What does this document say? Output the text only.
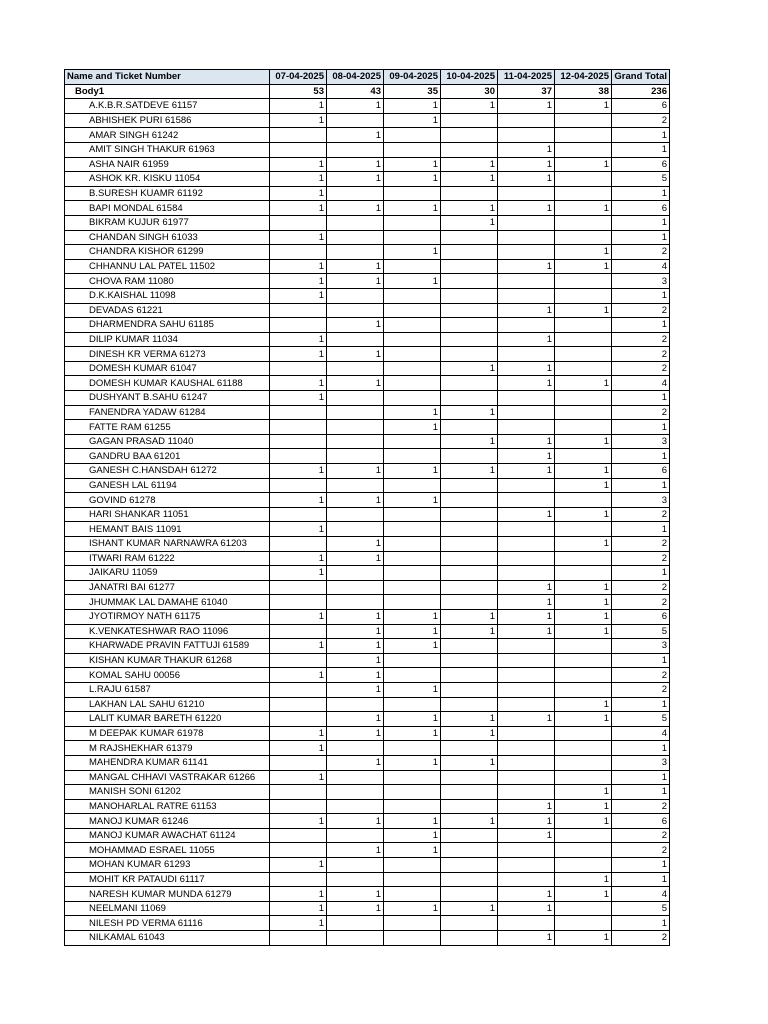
Name and Ticket Number	07-04-2025	08-04-2025	09-04-2025	10-04-2025	11-04-2025	12-04-2025	Grand Total
Body1	53	43	35	30	37	38	236
A.K.B.R.SATDEVE 61157	1	1	1	1	1	1	6
ABHISHEK PURI 61586	1		1				2
AMAR SINGH 61242		1					1
AMIT SINGH THAKUR 61963					1		1
ASHA NAIR 61959	1	1	1	1	1	1	6
ASHOK KR. KISKU 11054	1	1	1	1	1		5
B.SURESH KUAMR 61192	1						1
BAPI MONDAL 61584	1	1	1	1	1	1	6
BIKRAM KUJUR 61977				1			1
CHANDAN SINGH 61033	1						1
CHANDRA KISHOR 61299			1			1	2
CHHANNU LAL PATEL 11502	1	1			1	1	4
CHOVA RAM 11080	1	1	1				3
D.K.KAISHAL 11098	1						1
DEVADAS 61221					1	1	2
DHARMENDRA SAHU 61185		1					1
DILIP KUMAR 11034	1				1		2
DINESH KR VERMA 61273	1	1					2
DOMESH KUMAR 61047				1	1		2
DOMESH KUMAR KAUSHAL 61188	1	1			1	1	4
DUSHYANT B.SAHU 61247	1						1
FANENDRA YADAW 61284			1	1			2
FATTE RAM 61255			1				1
GAGAN PRASAD 11040				1	1	1	3
GANDRU BAA 61201					1		1
GANESH C.HANSDAH 61272	1	1	1	1	1	1	6
GANESH LAL 61194						1	1
GOVIND 61278	1	1	1				3
HARI SHANKAR 11051					1	1	2
HEMANT BAIS 11091	1						1
ISHANT KUMAR NARNAWRA 61203		1				1	2
ITWARI RAM 61222	1	1					2
JAIKARU 11059	1						1
JANATRI BAI 61277					1	1	2
JHUMMAK LAL DAMAHE 61040					1	1	2
JYOTIRMOY NATH 61175	1	1	1	1	1	1	6
K.VENKATESHWAR RAO 11096		1	1	1	1	1	5
KHARWADE PRAVIN FATTUJI 61589	1	1	1				3
KISHAN KUMAR THAKUR 61268		1					1
KOMAL SAHU 00056	1	1					2
L.RAJU 61587		1	1				2
LAKHAN LAL SAHU 61210						1	1
LALIT KUMAR BARETH 61220		1	1	1	1	1	5
M DEEPAK KUMAR 61978	1	1	1	1			4
M RAJSHEKHAR 61379	1						1
MAHENDRA KUMAR 61141		1	1	1			3
MANGAL CHHAVI VASTRAKAR 61266	1						1
MANISH SONI 61202						1	1
MANOHARLAL RATRE 61153					1	1	2
MANOJ KUMAR 61246	1	1	1	1	1	1	6
MANOJ KUMAR AWACHAT 61124			1		1		2
MOHAMMAD ESRAEL 11055		1	1				2
MOHAN KUMAR 61293	1						1
MOHIT KR PATAUDI 61117						1	1
NARESH KUMAR MUNDA 61279	1	1			1	1	4
NEELMANI 11069	1	1	1	1	1		5
NILESH PD VERMA 61116	1						1
NILKAMAL 61043					1	1	2
